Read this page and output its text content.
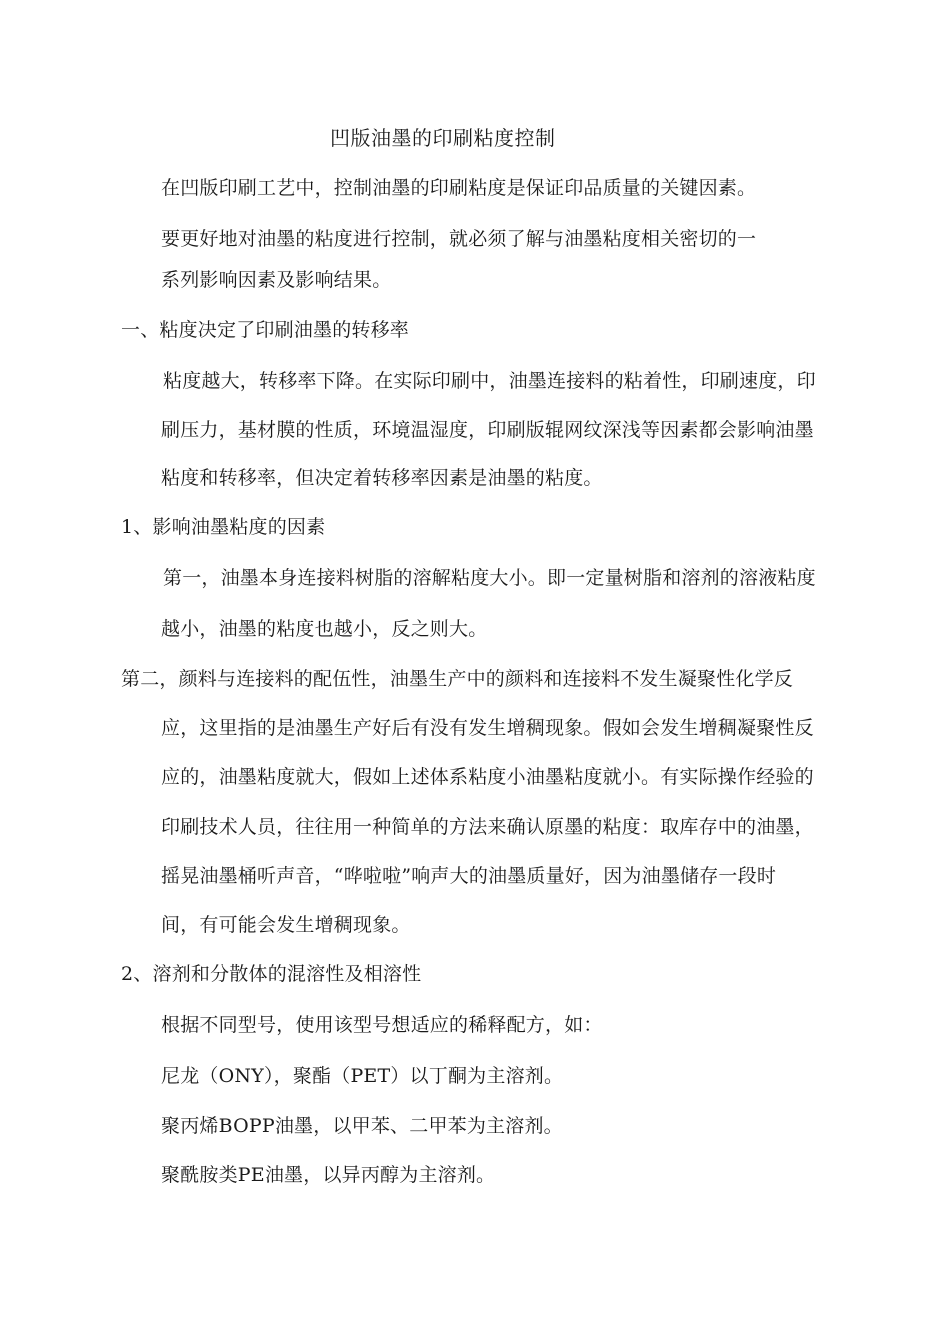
凹版油墨的印刷粘度控制
在凹版印刷工艺中，控制油墨的印刷粘度是保证印品质量的关键因素。
要更好地对油墨的粘度进行控制，就必须了解与油墨粘度相关密切的一
系列影响因素及影响结果。
一、粘度决定了印刷油墨的转移率
粘度越大，转移率下降。在实际印刷中，油墨连接料的粘着性，印刷速度，印
刷压力，基材膜的性质，环境温湿度，印刷版辊网纹深浅等因素都会影响油墨
粘度和转移率，但决定着转移率因素是油墨的粘度。
1、影响油墨粘度的因素
第一，油墨本身连接料树脂的溶解粘度大小。即一定量树脂和溶剂的溶液粘度
越小，油墨的粘度也越小，反之则大。
第二，颜料与连接料的配伍性，油墨生产中的颜料和连接料不发生凝聚性化学反
应，这里指的是油墨生产好后有没有发生增稠现象。假如会发生增稠凝聚性反
应的，油墨粘度就大，假如上述体系粘度小油墨粘度就小。有实际操作经验的
印刷技术人员，往往用一种简单的方法来确认原墨的粘度：取库存中的油墨，
摇晃油墨桶听声音，“哗啦啦”响声大的油墨质量好，因为油墨储存一段时
间，有可能会发生增稠现象。
2、溶剂和分散体的混溶性及相溶性
根据不同型号，使用该型号想适应的稀释配方，如：
尼龙（ONY），聚酯（PET）以丁酮为主溶剂。
聚丙烯BOPP油墨，以甲苯、二甲苯为主溶剂。
聚酰胺类PE油墨，以异丙醇为主溶剂。
